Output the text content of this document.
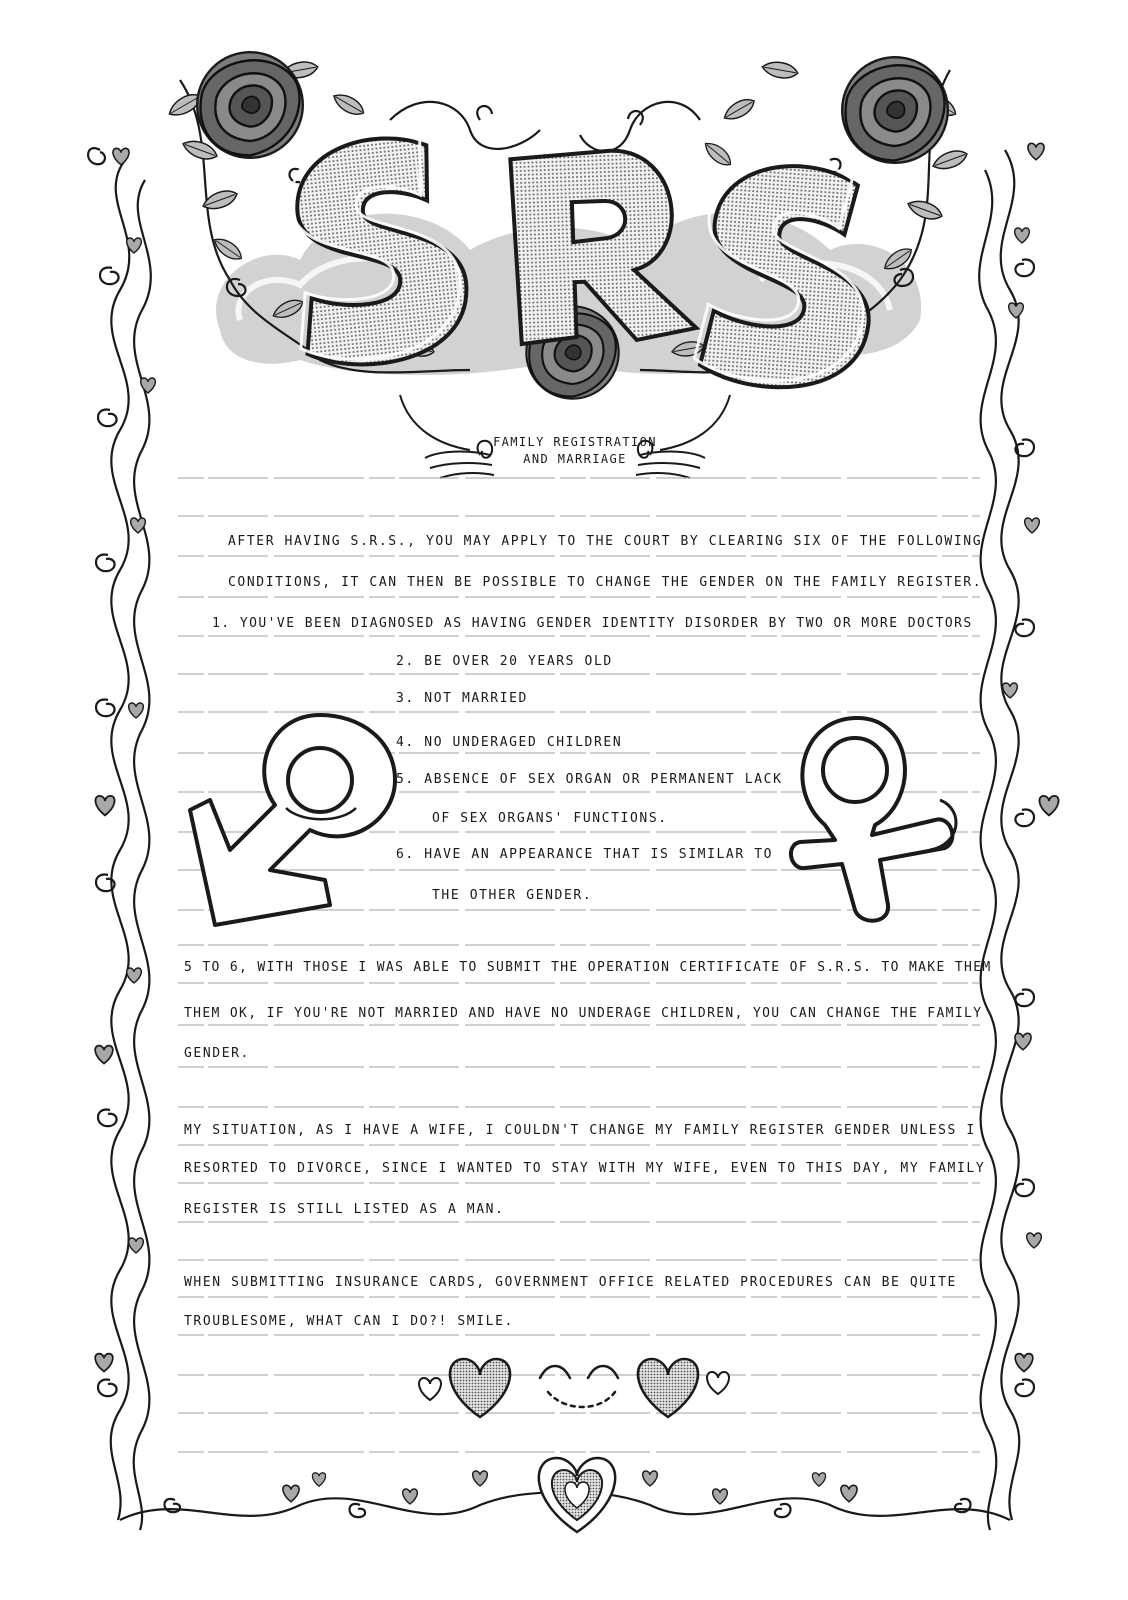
FAMILY REGISTRATION
AND MARRIAGE
AFTER HAVING S.R.S., YOU MAY APPLY TO THE COURT BY CLEARING SIX OF THE FOLLOWING
CONDITIONS, IT CAN THEN BE POSSIBLE TO CHANGE THE GENDER ON THE FAMILY REGISTER.
1. YOU'VE BEEN DIAGNOSED AS HAVING GENDER IDENTITY DISORDER BY TWO OR MORE DOCTORS
2. BE OVER 20 YEARS OLD
3. NOT MARRIED
4. NO UNDERAGED CHILDREN
5. ABSENCE OF SEX ORGAN OR PERMANENT LACK
OF SEX ORGANS' FUNCTIONS.
6. HAVE AN APPEARANCE THAT IS SIMILAR TO
THE OTHER GENDER.
5 TO 6, WITH THOSE I WAS ABLE TO SUBMIT THE OPERATION CERTIFICATE OF S.R.S. TO MAKE THEM
THEM OK, IF YOU'RE NOT MARRIED AND HAVE NO UNDERAGE CHILDREN, YOU CAN CHANGE THE FAMILY
GENDER.
MY SITUATION, AS I HAVE A WIFE, I COULDN'T CHANGE MY FAMILY REGISTER GENDER UNLESS I
RESORTED TO DIVORCE, SINCE I WANTED TO STAY WITH MY WIFE, EVEN TO THIS DAY, MY FAMILY
REGISTER IS STILL LISTED AS A MAN.
WHEN SUBMITTING INSURANCE CARDS, GOVERNMENT OFFICE RELATED PROCEDURES CAN BE QUITE
TROUBLESOME, WHAT CAN I DO?! SMILE.
